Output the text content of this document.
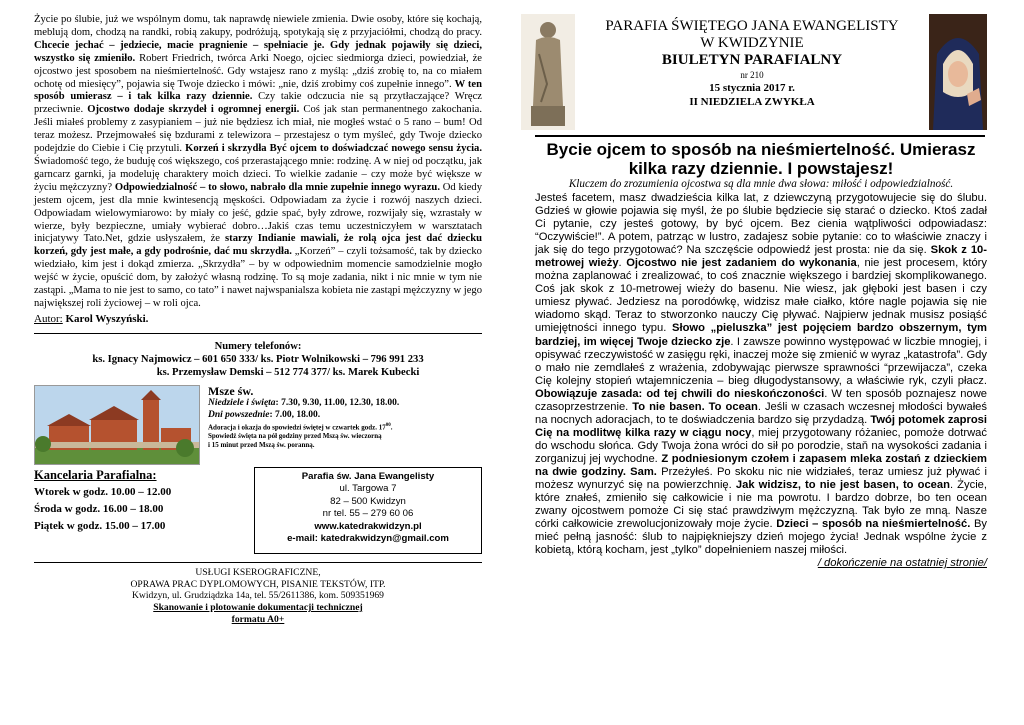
Życie po ślubie, już we wspólnym domu, tak naprawdę niewiele zmienia. Dwie osoby, które się kochają, meblują dom, chodzą na randki, robią zakupy, podróżują, spotykają się z przyjaciółmi, chodzą do pracy. Chcecie jechać – jedziecie, macie pragnienie – spełniacie je. Gdy jednak pojawiły się dzieci, wszystko się zmieniło. Robert Friedrich, twórca Arki Noego, ojciec siedmiorga dzieci, powiedział, że ojcostwo jest sposobem na nieśmiertelność. Gdy wstajesz rano z myślą: „dziś zrobię to, na co miałem ochotę od miesięcy”, pojawia się Twoje dziecko i mówi: „nie, dziś zrobimy coś zupełnie innego”. W ten sposób umierasz – i tak kilka razy dziennie. Czy takie odczucia nie są przytłaczające? Wręcz przeciwnie. Ojcostwo dodaje skrzydeł i ogromnej energii. Coś jak stan permanentnego zakochania. Jeśli miałeś problemy z zasypianiem – już nie będziesz ich miał, nie mogłeś wstać o 5 rano – bum! Od teraz możesz. Przejmowałeś się bzdurami z telewizora – przestajesz o tym myśleć, gdy Twoje dziecko podejdzie do Ciebie i Cię przytuli. Korzeń i skrzydła Być ojcem to doświadczać nowego sensu życia. Świadomość tego, że buduję coś większego, coś przerastającego mnie: rodzinę. A w niej od początku, jak garncarz garnki, ja modeluję charaktery moich dzieci. To wielkie zadanie – czy może być większe w życiu mężczyzny? Odpowiedzialność – to słowo, nabrało dla mnie zupełnie innego wyrazu. Od kiedy jestem ojcem, jest dla mnie kwintesencją męskości. Odpowiadam za życie i rozwój naszych dzieci. Odpowiadam wielowymiarowo: by miały co jeść, gdzie spać, były zdrowe, rozwijały się, wzrastały w wierze, były bezpieczne, umiały wybierać dobro…Jakiś czas temu uczestniczyłem w warsztatach inicjatywy Tato.Net, gdzie usłyszałem, że starzy Indianie mawiali, że rolą ojca jest dać dziecku korzeń, gdy jest małe, a gdy podrośnie, dać mu skrzydła. „Korzeń” – czyli tożsamość, tak by dziecko wiedziało, kim jest i dokąd zmierza. „Skrzydła” – by w odpowiednim momencie samodzielnie mogło wejść w życie, opuścić dom, by założyć własną rodzinę. To są moje zadania, nikt i nic mnie w tym nie zastąpi. „Mama to nie jest to samo, co tato” i nawet najwspanialsza kobieta nie zastąpi mężczyzny w jego największej roli życiowej – w roli ojca.

Autor: Karol Wyszyński.

Numery telefonów:
ks. Ignacy Najmowicz – 601 650 333/ ks. Piotr Wolnikowski – 796 991 233
ks. Przemysław Demski – 512 774 377/ ks. Marek Kubecki
Msze św.
Niedziele i święta: 7.30, 9.30, 11.00, 12.30, 18.00.
Dni powszednie: 7.00, 18.00.
Adoracja i okazja do spowiedzi świętej w czwartek godz. $17^{00}$.
Spowiedź święta na pół godziny przed Mszą św. wieczorną
i 15 minut przed Mszą św. poranną.
Kancelaria Parafialna:
Wtorek w godz. 10.00 – 12.00
Środa w godz. 16.00 – 18.00
Piątek w godz. 15.00 – 17.00
Parafia św. Jana Ewangelisty
ul. Targowa 7
82 – 500 Kwidzyn
nr tel. 55 – 279 60 06
www.katedrakwidzyn.pl
e-mail: katedrakwidzyn@gmail.com
USŁUGI KSEROGRAFICZNE,
OPRAWA PRAC DYPLOMOWYCH, PISANIE TEKSTÓW, ITP.
Kwidzyn, ul. Grudziądzka 14a, tel. 55/2611386, kom. 509351969
Skanowanie i plotowanie dokumentacji technicznej
formatu A0+
PARAFIA ŚWIĘTEGO JANA EWANGELISTY
W KWIDZYNIE
BIULETYN PARAFIALNY
nr 210
15 stycznia 2017 r.
II NIEDZIELA ZWYKŁA
Bycie ojcem to sposób na nieśmiertelność. Umierasz kilka razy dziennie. I powstajesz!
Kluczem do zrozumienia ojcostwa są dla mnie dwa słowa: miłość i odpowiedzialność.

Jesteś facetem, masz dwadzieścia kilka lat, z dziewczyną przygotowujecie się do ślubu. Gdzieś w głowie pojawia się myśl, że po ślubie będziecie się starać o dziecko. Ktoś zadał Ci pytanie, czy jesteś gotowy, by być ojcem. Bez cienia wątpliwości odpowiadasz: “Oczywiście!”. A potem, patrząc w lustro, zadajesz sobie pytanie: co to właściwie znaczy i jak się do tego przygotować? Na szczęście odpowiedź jest prosta: nie da się. Skok z 10-metrowej wieży. Ojcostwo nie jest zadaniem do wykonania, nie jest procesem, który można zaplanować i zrealizować, to coś znacznie większego i bardziej skomplikowanego. Coś jak skok z 10-metrowej wieży do basenu. Nie wiesz, jak głęboki jest basen i czy umiesz pływać. Jedziesz na porodówkę, widzisz małe ciałko, które nagle pojawia się nie wiadomo skąd. Teraz to stworzonko nauczy Cię pływać. Najpierw jednak musisz posiąść umiejętności innego typu. Słowo „pieluszka” jest pojęciem bardzo obszernym, tym bardziej, im więcej Twoje dziecko zje. I zawsze powinno występować w liczbie mnogiej, i opisywać rzeczywistość w zasięgu ręki, inaczej może się zmienić w wyraz „katastrofa”. Gdy o mało nie zemdlałeś z wrażenia, zdobywając pierwsze sprawności “przewijacza”, czeka Cię kolejny stopień wtajemniczenia – bieg długodystansowy, a właściwie ryk, czyli płacz. Obowiązuje zasada: od tej chwili do nieskończoności. W ten sposób poznajesz nowe czasoprzestrzenie. To nie basen. To ocean. Jeśli w czasach wczesnej młodości bywałeś na nocnych adoracjach, to te doświadczenia bardzo się przydadzą. Twój potomek zaprosi Cię na modlitwę kilka razy w ciągu nocy, miej przygotowany różaniec, pomoże dotrwać do wschodu słońca. Gdy Twoja żona wróci do sił po porodzie, staň na wysokości zadania i zorganizuj jej wychodne. Z podniesionym czołem i zapasem mleka zostań z dzieckiem na dwie godziny. Sam. Przeżyłeś. Po skoku nic nie widziałeś, teraz umiesz już pływać i możesz wynurzyć się na powierzchnię. Jak widzisz, to nie jest basen, to ocean. Życie, które znałeś, zmieniło się całkowicie i nie ma powrotu. I bardzo dobrze, bo ten ocean zwany ojcostwem pomoże Ci się stać prawdziwym mężczyzną. Tak było ze mną. Nasze córki całkowicie zrewolucjonizowały moje życie. Dzieci – sposób na nieśmiertelność. By mieć pełną jasność: ślub to najpiękniejszy dzień mojego życia! Jednak wspólne życie z kobietą, którą kocham, jest „tylko” dopełnieniem naszej miłości.

/ dokończenie na ostatniej stronie/
